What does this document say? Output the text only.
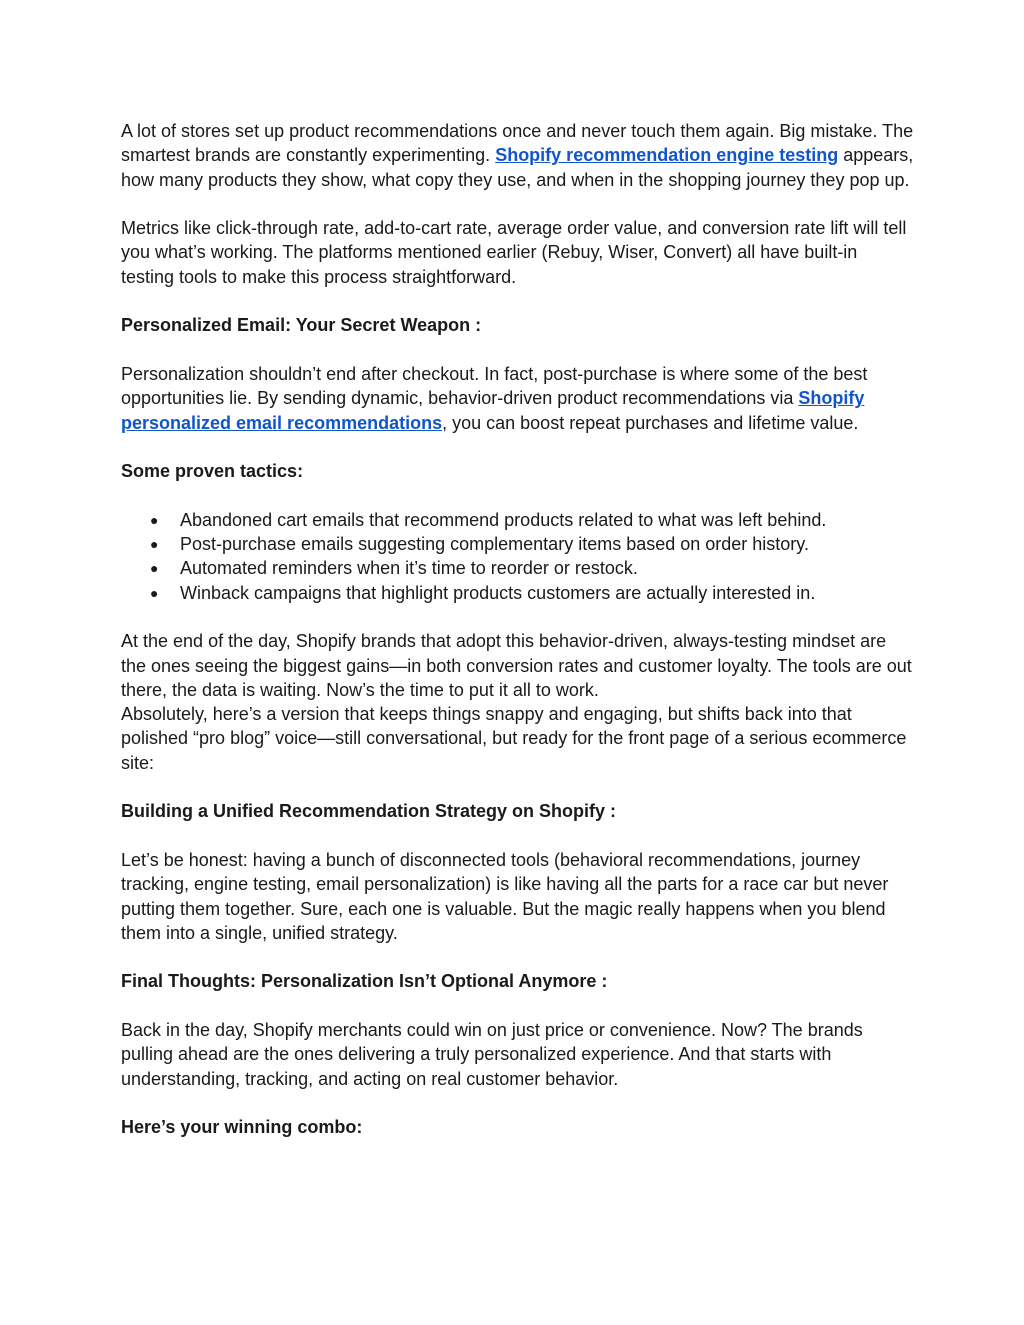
A lot of stores set up product recommendations once and never touch them again. Big mistake. The smartest brands are constantly experimenting. Shopify recommendation engine testing appears, how many products they show, what copy they use, and when in the shopping journey they pop up.

Metrics like click-through rate, add-to-cart rate, average order value, and conversion rate lift will tell you what’s working. The platforms mentioned earlier (Rebuy, Wiser, Convert) all have built-in testing tools to make this process straightforward.

Personalized Email: Your Secret Weapon :

Personalization shouldn’t end after checkout. In fact, post-purchase is where some of the best opportunities lie. By sending dynamic, behavior-driven product recommendations via Shopify personalized email recommendations, you can boost repeat purchases and lifetime value.

Some proven tactics:

●	Abandoned cart emails that recommend products related to what was left behind.
●	Post-purchase emails suggesting complementary items based on order history.
●	Automated reminders when it’s time to reorder or restock.
●	Winback campaigns that highlight products customers are actually interested in.

At the end of the day, Shopify brands that adopt this behavior-driven, always-testing mindset are the ones seeing the biggest gains—in both conversion rates and customer loyalty. The tools are out there, the data is waiting. Now’s the time to put it all to work.

Absolutely, here’s a version that keeps things snappy and engaging, but shifts back into that polished “pro blog” voice—still conversational, but ready for the front page of a serious ecommerce site:

Building a Unified Recommendation Strategy on Shopify :

Let’s be honest: having a bunch of disconnected tools (behavioral recommendations, journey tracking, engine testing, email personalization) is like having all the parts for a race car but never putting them together. Sure, each one is valuable. But the magic really happens when you blend them into a single, unified strategy.

Final Thoughts: Personalization Isn’t Optional Anymore :

Back in the day, Shopify merchants could win on just price or convenience. Now? The brands pulling ahead are the ones delivering a truly personalized experience. And that starts with understanding, tracking, and acting on real customer behavior.

Here’s your winning combo:
